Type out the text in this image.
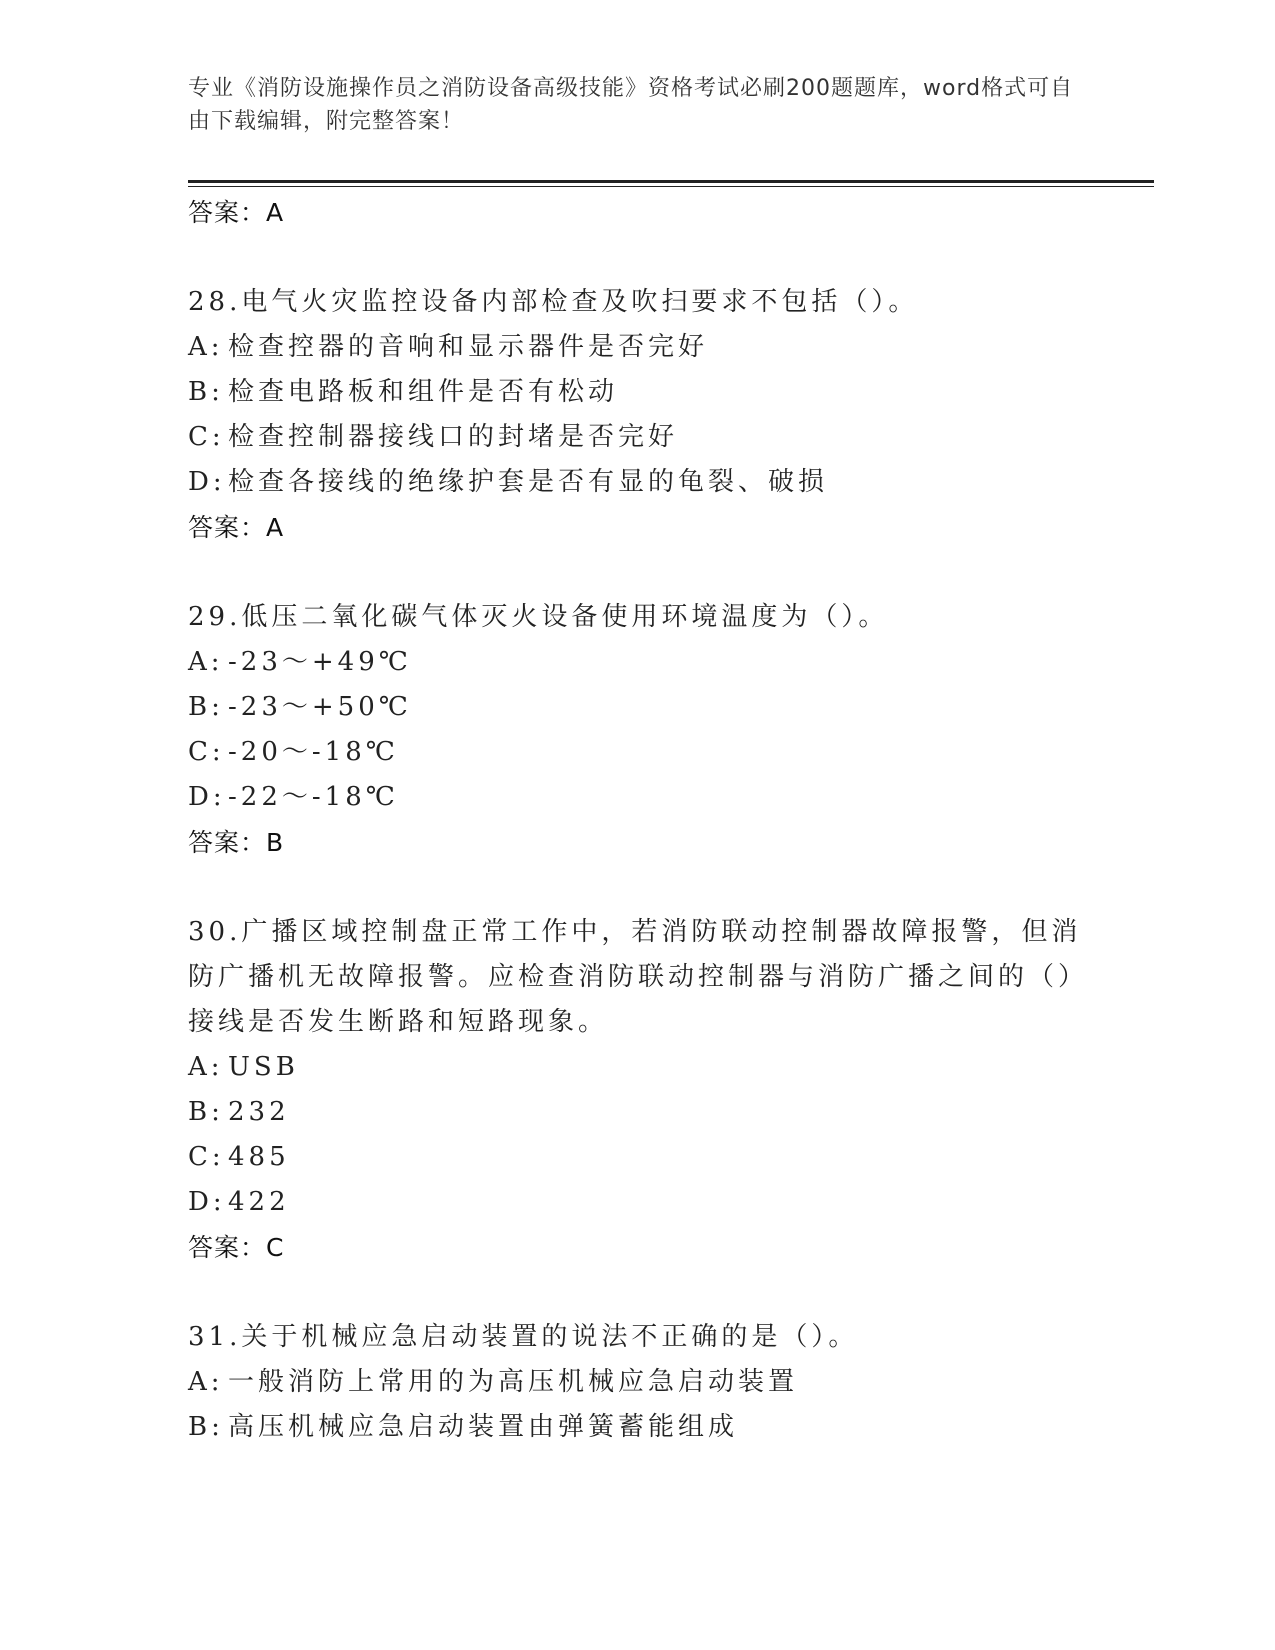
专业《消防设施操作员之消防设备高级技能》资格考试必刷200题题库，word格式可自由下载编辑，附完整答案！
答案：A
28.电气火灾监控设备内部检查及吹扫要求不包括（）。
A: 检查控器的音响和显示器件是否完好
B: 检查电路板和组件是否有松动
C: 检查控制器接线口的封堵是否完好
D:检查各接线的绝缘护套是否有显的龟裂、破损
答案：A
29.低压二氧化碳气体灭火设备使用环境温度为（）。
A: -23～+49℃
B: -23～+50℃
C: -20～-18℃
D:-22～-18℃
答案：B
30.广播区域控制盘正常工作中，若消防联动控制器故障报警，但消防广播机无故障报警。应检查消防联动控制器与消防广播之间的（）接线是否发生断路和短路现象。
A: USB
B: 232
C: 485
D:422
答案：C
31.关于机械应急启动装置的说法不正确的是（）。
A: 一般消防上常用的为高压机械应急启动装置
B: 高压机械应急启动装置由弹簧蓄能组成
